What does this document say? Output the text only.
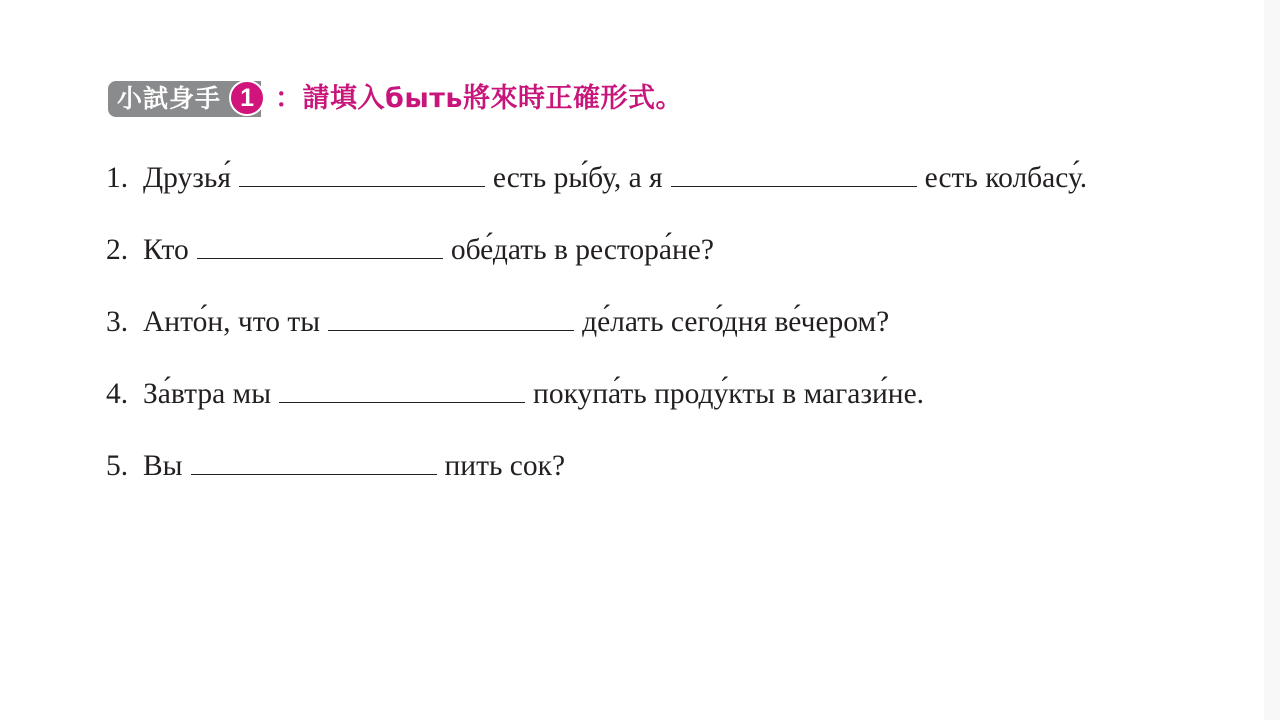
小試身手 1 ：請填入быть將來時正確形式。
1. Друзья́	есть ры́бу, а я	есть колбасу́.
2. Кто	обе́дать в рестора́не?
3. Анто́н, что ты	де́лать сего́дня ве́чером?
4. За́втра мы	покупа́ть проду́кты в магази́не.
5. Вы	пить сок?
